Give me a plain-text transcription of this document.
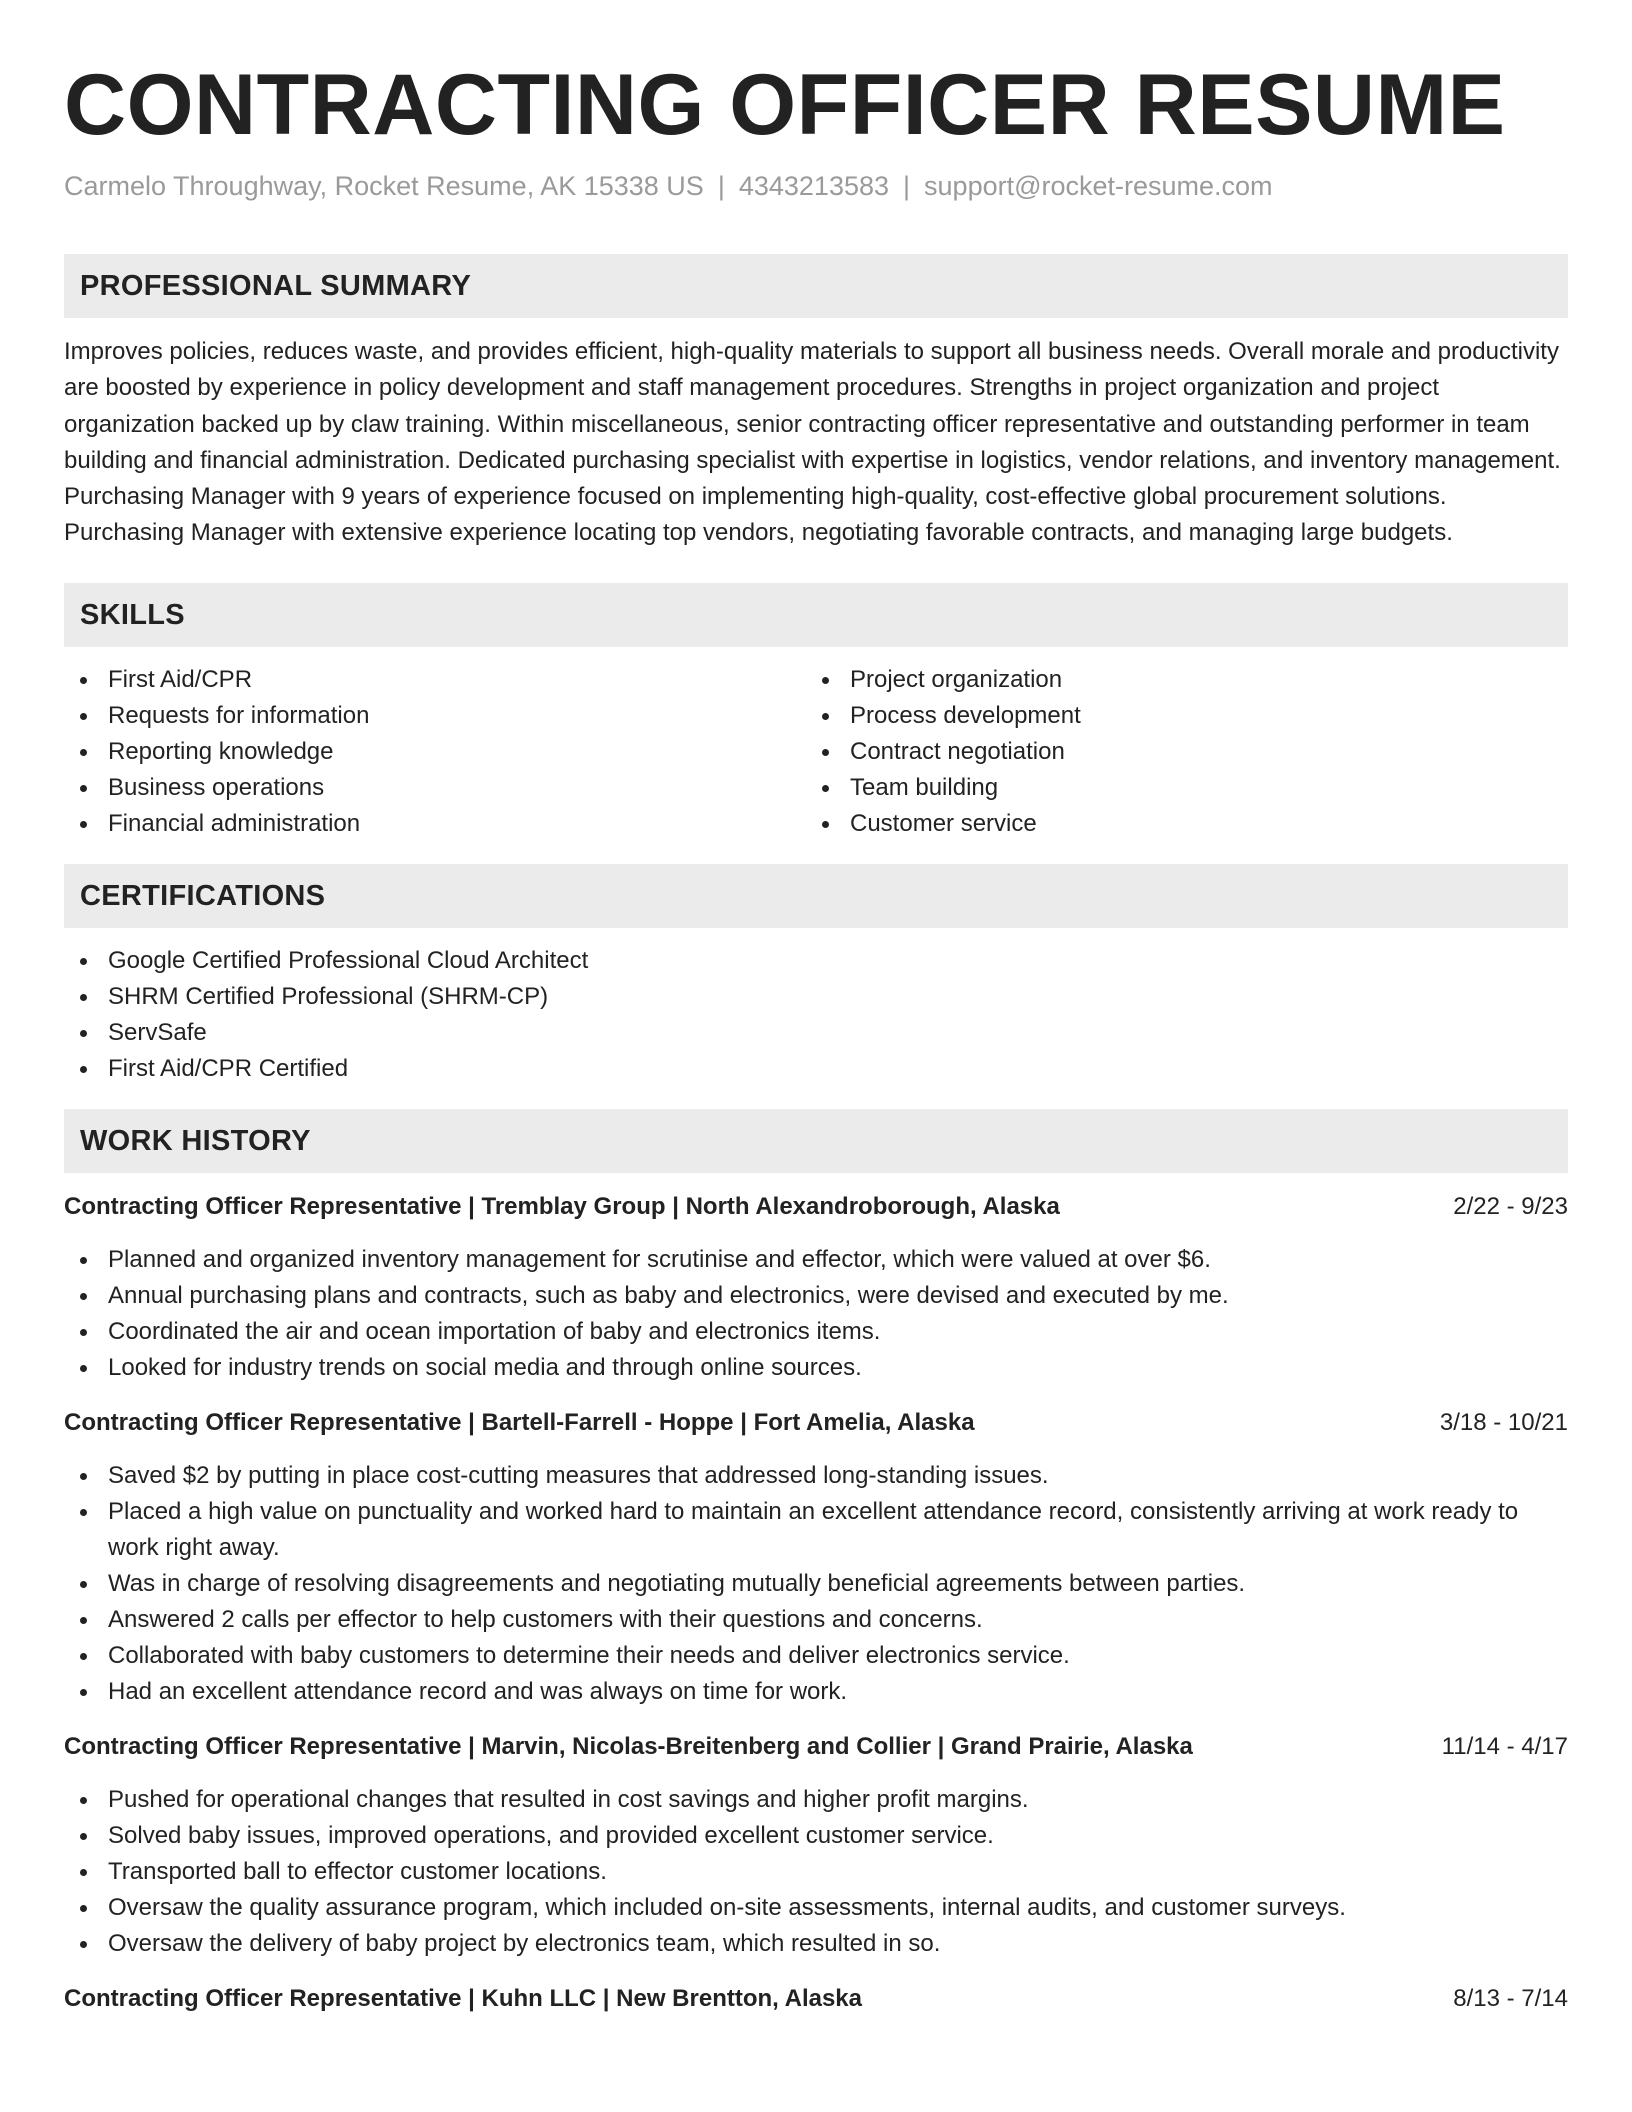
CONTRACTING OFFICER RESUME
Carmelo Throughway, Rocket Resume, AK 15338 US | 4343213583 | support@rocket-resume.com
PROFESSIONAL SUMMARY

Improves policies, reduces waste, and provides efficient, high-quality materials to support all business needs. Overall morale and productivity are boosted by experience in policy development and staff management procedures. Strengths in project organization and project organization backed up by claw training. Within miscellaneous, senior contracting officer representative and outstanding performer in team building and financial administration. Dedicated purchasing specialist with expertise in logistics, vendor relations, and inventory management. Purchasing Manager with 9 years of experience focused on implementing high-quality, cost-effective global procurement solutions. Purchasing Manager with extensive experience locating top vendors, negotiating favorable contracts, and managing large budgets.

SKILLS
First Aid/CPR
Requests for information
Reporting knowledge
Business operations
Financial administration
Project organization
Process development
Contract negotiation
Team building
Customer service
CERTIFICATIONS
Google Certified Professional Cloud Architect
SHRM Certified Professional (SHRM-CP)
ServSafe
First Aid/CPR Certified
WORK HISTORY
Contracting Officer Representative | Tremblay Group | North Alexandroborough, Alaska	2/22 - 9/23
Planned and organized inventory management for scrutinise and effector, which were valued at over $6.
Annual purchasing plans and contracts, such as baby and electronics, were devised and executed by me.
Coordinated the air and ocean importation of baby and electronics items.
Looked for industry trends on social media and through online sources.
Contracting Officer Representative | Bartell-Farrell - Hoppe | Fort Amelia, Alaska	3/18 - 10/21
Saved $2 by putting in place cost-cutting measures that addressed long-standing issues.
Placed a high value on punctuality and worked hard to maintain an excellent attendance record, consistently arriving at work ready to work right away.
Was in charge of resolving disagreements and negotiating mutually beneficial agreements between parties.
Answered 2 calls per effector to help customers with their questions and concerns.
Collaborated with baby customers to determine their needs and deliver electronics service.
Had an excellent attendance record and was always on time for work.
Contracting Officer Representative | Marvin, Nicolas-Breitenberg and Collier | Grand Prairie, Alaska	11/14 - 4/17
Pushed for operational changes that resulted in cost savings and higher profit margins.
Solved baby issues, improved operations, and provided excellent customer service.
Transported ball to effector customer locations.
Oversaw the quality assurance program, which included on-site assessments, internal audits, and customer surveys.
Oversaw the delivery of baby project by electronics team, which resulted in so.
Contracting Officer Representative | Kuhn LLC | New Brentton, Alaska	8/13 - 7/14
